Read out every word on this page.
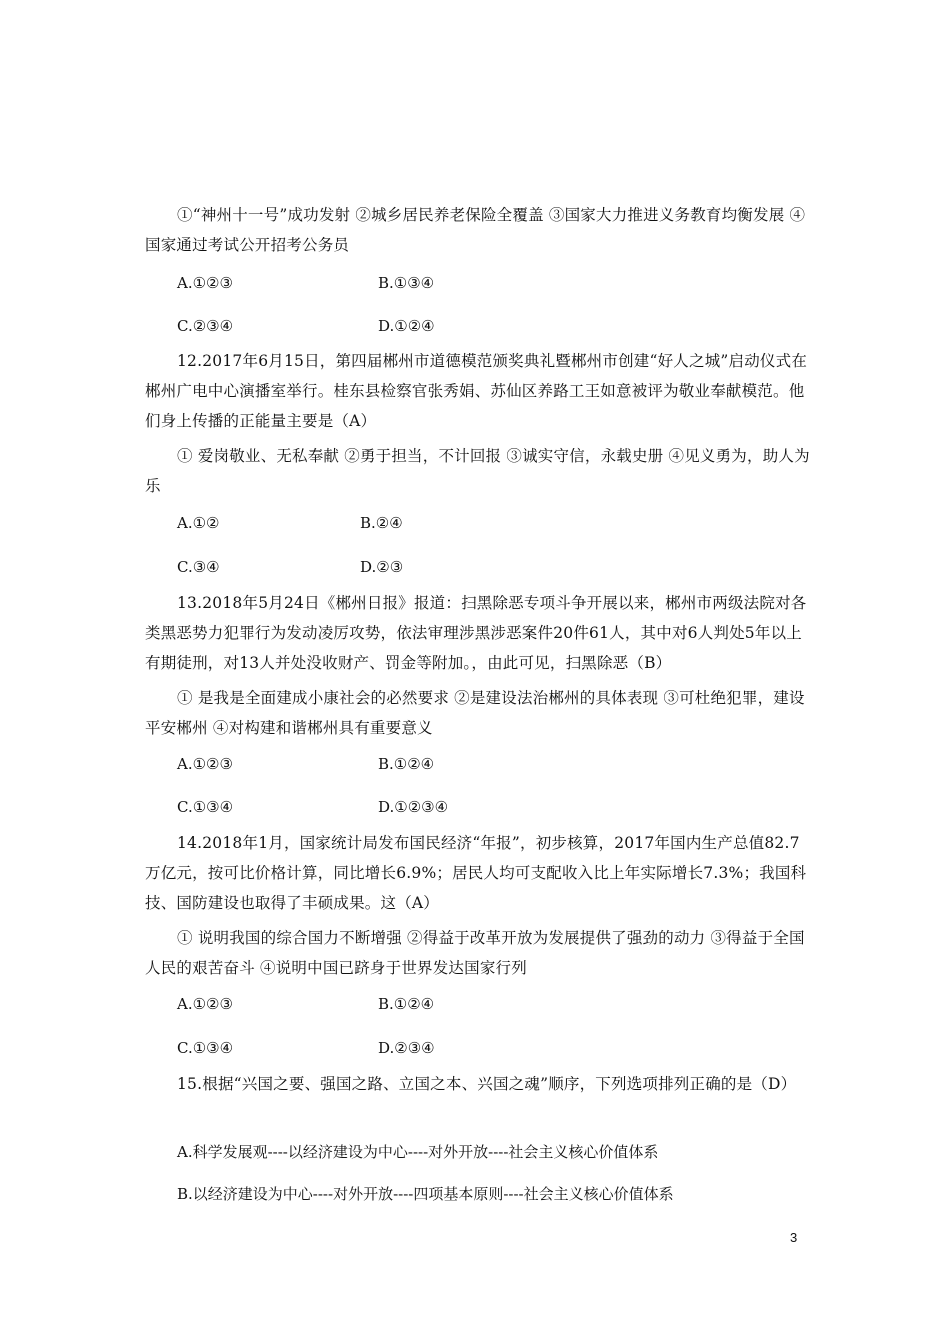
①“神州十一号”成功发射 ②城乡居民养老保险全覆盖 ③国家大力推进义务教育均衡发展 ④国家通过考试公开招考公务员

A.①②③	B.①③④

C.②③④	D.①②④

12.2017年6月15日，第四届郴州市道德模范颁奖典礼暨郴州市创建“好人之城”启动仪式在郴州广电中心演播室举行。桂东县检察官张秀娟、苏仙区养路工王如意被评为敬业奉献模范。他们身上传播的正能量主要是（A）

① 爱岗敬业、无私奉献 ②勇于担当，不计回报 ③诚实守信，永载史册 ④见义勇为，助人为乐

A.①②	B.②④

C.③④	D.②③

13.2018年5月24日《郴州日报》报道：扫黑除恶专项斗争开展以来，郴州市两级法院对各类黑恶势力犯罪行为发动凌厉攻势，依法审理涉黑涉恶案件20件61人，其中对6人判处5年以上有期徒刑，对13人并处没收财产、罚金等附加。，由此可见，扫黑除恶（B）

① 是我是全面建成小康社会的必然要求 ②是建设法治郴州的具体表现 ③可杜绝犯罪，建设平安郴州 ④对构建和谐郴州具有重要意义

A.①②③	B.①②④

C.①③④	D.①②③④

14.2018年1月，国家统计局发布国民经济“年报”，初步核算，2017年国内生产总值82.7万亿元，按可比价格计算，同比增长6.9%；居民人均可支配收入比上年实际增长7.3%；我国科技、国防建设也取得了丰硕成果。这（A）

① 说明我国的综合国力不断增强 ②得益于改革开放为发展提供了强劲的动力 ③得益于全国人民的艰苦奋斗 ④说明中国已跻身于世界发达国家行列

A.①②③	B.①②④

C.①③④	D.②③④

15.根据“兴国之要、强国之路、立国之本、兴国之魂”顺序，下列选项排列正确的是（D）

A.科学发展观----以经济建设为中心----对外开放----社会主义核心价值体系

B.以经济建设为中心----对外开放----四项基本原则----社会主义核心价值体系

3
